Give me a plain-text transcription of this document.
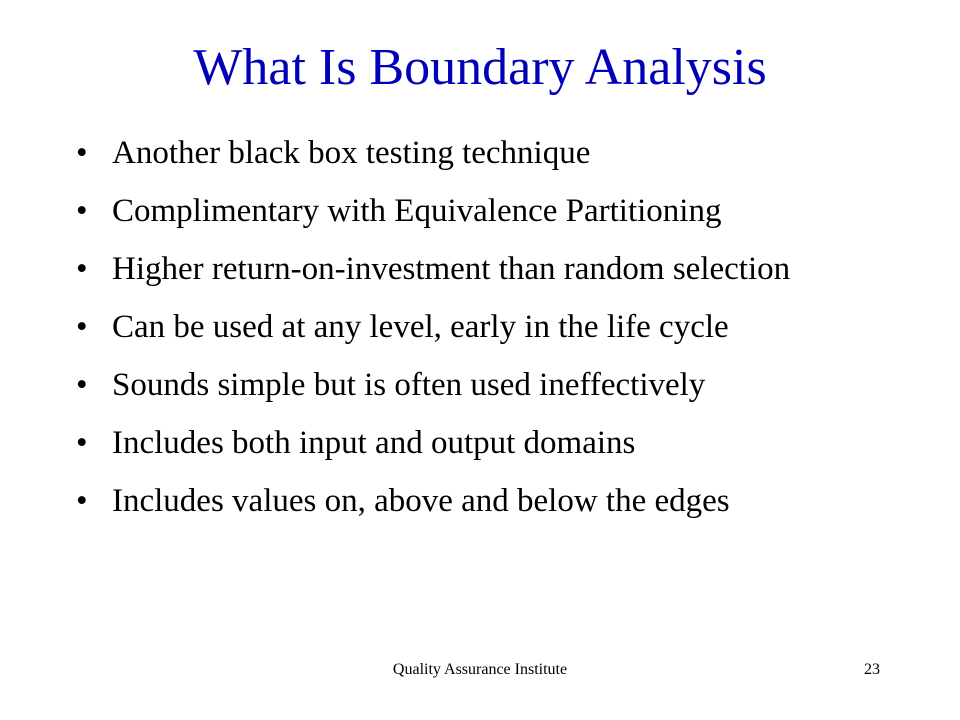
What Is Boundary Analysis
• Another black box testing technique
• Complimentary with Equivalence Partitioning
• Higher return-on-investment than random selection
• Can be used at any level, early in the life cycle
• Sounds simple but is often used ineffectively
• Includes both input and output domains
• Includes values on, above and below the edges
Quality Assurance Institute	23
